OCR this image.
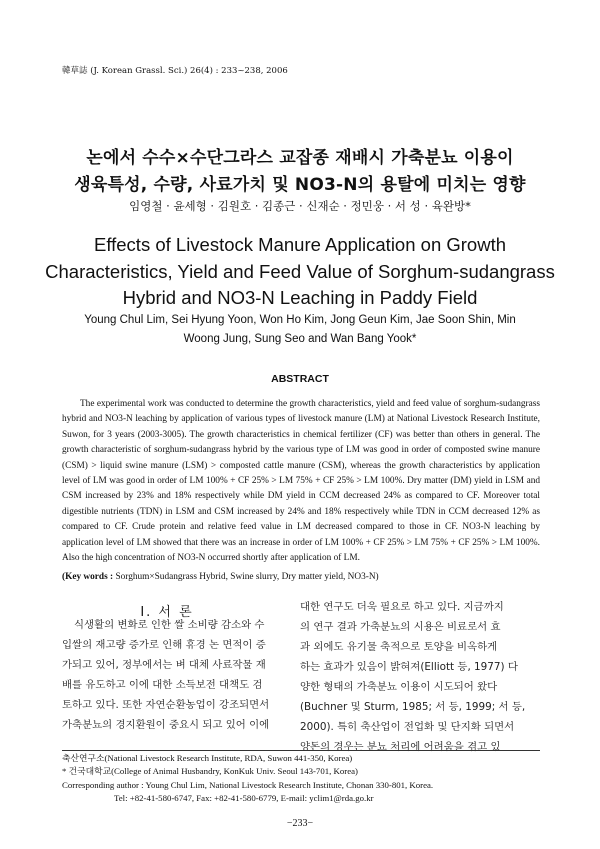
韓草誌 (J. Korean Grassl. Sci.) 26(4) : 233~238, 2006
논에서 수수×수단그라스 교잡종 재배시 가축분뇨 이용이
생육특성, 수량, 사료가치 및 NO3-N의 용탈에 미치는 영향
임영철 · 윤세형 · 김원호 · 김종근 · 신재순 · 정민웅 · 서 성 · 육완방*
Effects of Livestock Manure Application on Growth
Characteristics, Yield and Feed Value of Sorghum-sudangrass
Hybrid and NO3-N Leaching in Paddy Field
Young Chul Lim, Sei Hyung Yoon, Won Ho Kim, Jong Geun Kim, Jae Soon Shin, Min
Woong Jung, Sung Seo and Wan Bang Yook*
ABSTRACT

The experimental work was conducted to determine the growth characteristics, yield and feed value of sorghum-sudangrass hybrid and NO3-N leaching by application of various types of livestock manure (LM) at National Livestock Research Institute, Suwon, for 3 years (2003-3005). The growth characteristics in chemical fertilizer (CF) was better than others in general. The growth characteristic of sorghum-sudangrass hybrid by the various type of LM was good in order of composted swine manure (CSM) > liquid swine manure (LSM) > composted cattle manure (CSM), whereas the growth characteristics by application level of LM was good in order of LM 100% + CF 25% > LM 75% + CF 25% > LM 100%. Dry matter (DM) yield in LSM and CSM increased by 23% and 18% respectively while DM yield in CCM decreased 24% as compared to CF. Moreover total digestible nutrients (TDN) in LSM and CSM increased by 24% and 18% respectively while TDN in CCM decreased 12% as compared to CF. Crude protein and relative feed value in LM decreased compared to those in CF. NO3-N leaching by application level of LM showed that there was an increase in order of LM 100% + CF 25% > LM 75% + CF 25% > LM 100%. Also the high concentration of NO3-N occurred shortly after application of LM.

(Key words : Sorghum×Sudangrass Hybrid, Swine slurry, Dry matter yield, NO3-N)
I. 서 론
식생활의 변화로 인한 쌀 소비량 감소와 수
입쌀의 재고량 증가로 인해 휴경 논 면적이 증
가되고 있어, 정부에서는 벼 대체 사료작물 재
배를 유도하고 이에 대한 소득보전 대책도 검
토하고 있다. 또한 자연순환농업이 강조되면서
가축분뇨의 경지환원이 중요시 되고 있어 이에
대한 연구도 더욱 필요로 하고 있다. 지금까지
의 연구 결과 가축분뇨의 시용은 비료로서 효
과 외에도 유기물 축적으로 토양을 비옥하게
하는 효과가 있음이 밝혀져(Elliott 등, 1977) 다
양한 형태의 가축분뇨 이용이 시도되어 왔다
(Buchner 및 Sturm, 1985; 서 등, 1999; 서 등,
2000). 특히 축산업이 전업화 및 단지화 되면서
양돈의 경우는 분뇨 처리에 어려움을 겪고 있
축산연구소(National Livestock Research Institute, RDA, Suwon 441-350, Korea)
* 건국대학교(College of Animal Husbandry, KonKuk Univ. Seoul 143-701, Korea)
Corresponding author : Young Chul Lim, National Livestock Research Institute, Chonan 330-801, Korea.
Tel: +82-41-580-6747, Fax: +82-41-580-6779, E-mail: yclim1@rda.go.kr
−233−
